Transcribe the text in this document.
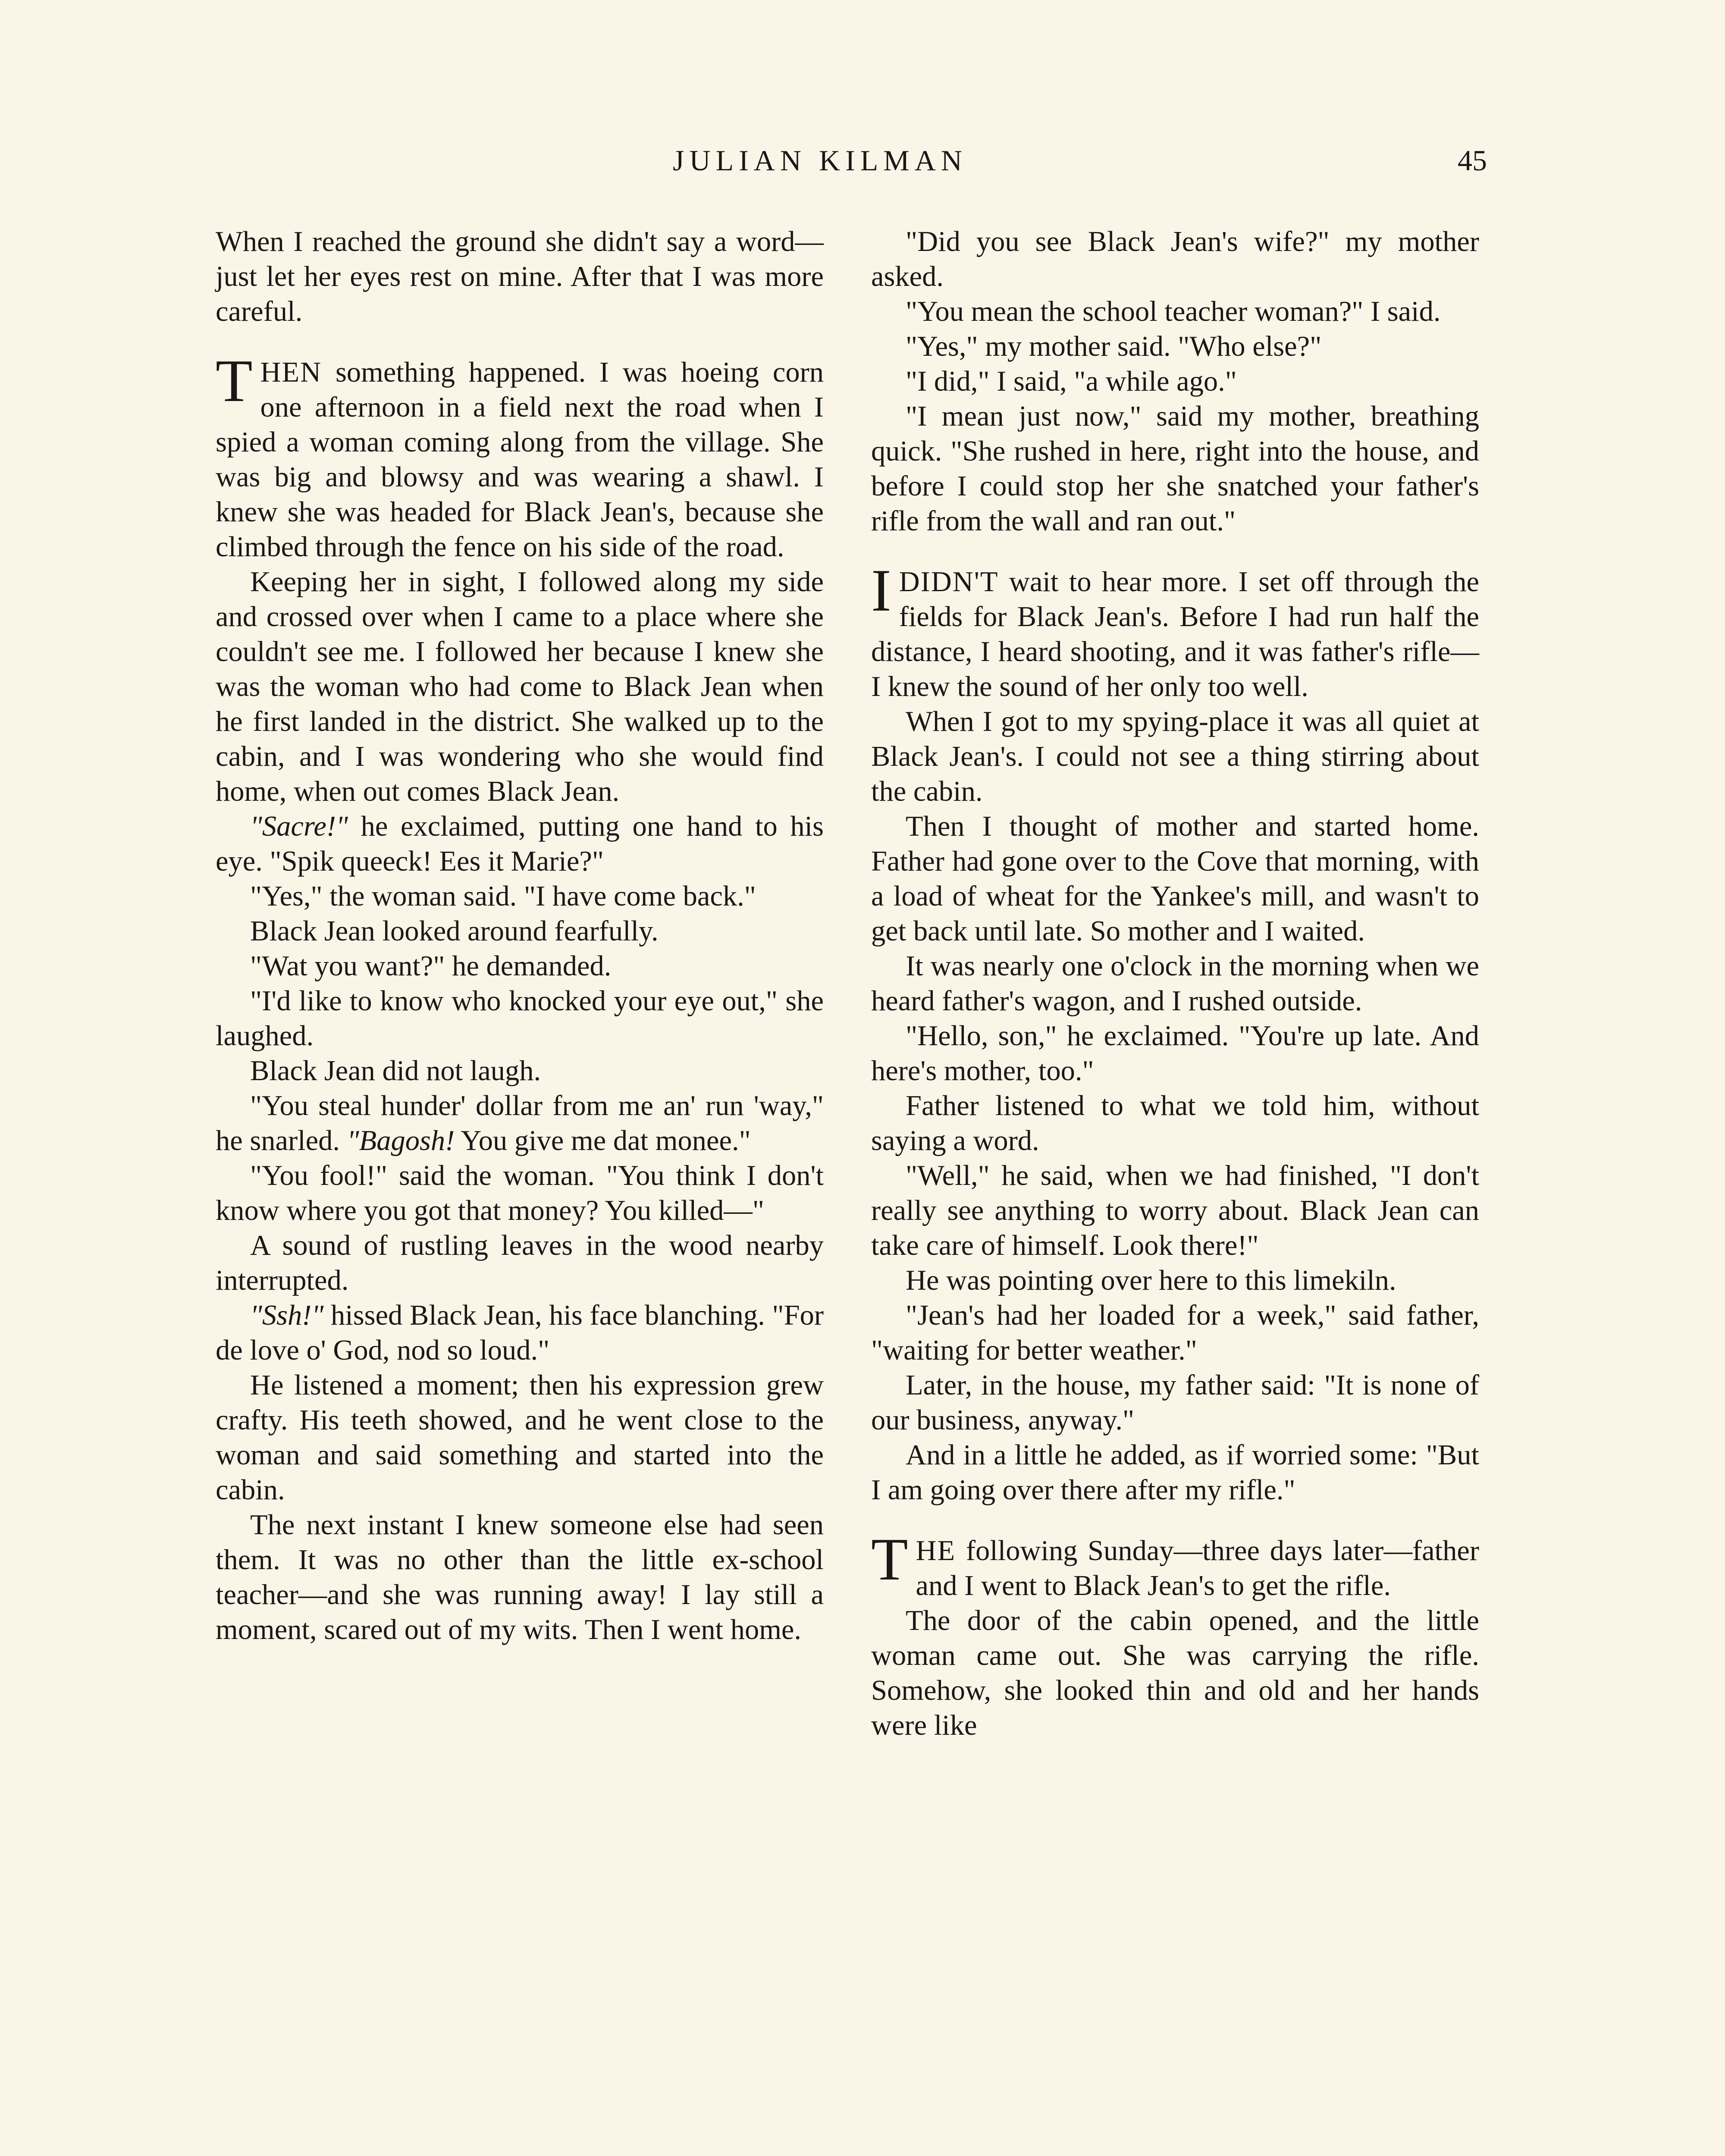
JULIAN KILMAN	45

When I reached the ground she didn't say a word—just let her eyes rest on mine. After that I was more careful.

THEN something happened. I was hoeing corn one afternoon in a field next the road when I spied a woman coming along from the village. She was big and blowsy and was wearing a shawl. I knew she was headed for Black Jean's, because she climbed through the fence on his side of the road.

Keeping her in sight, I followed along my side and crossed over when I came to a place where she couldn't see me. I followed her because I knew she was the woman who had come to Black Jean when he first landed in the district. She walked up to the cabin, and I was wondering who she would find home, when out comes Black Jean.

"Sacre!" he exclaimed, putting one hand to his eye. "Spik queeck! Ees it Marie?"

"Yes," the woman said. "I have come back."

Black Jean looked around fearfully.

"Wat you want?" he demanded.

"I'd like to know who knocked your eye out," she laughed.

Black Jean did not laugh.

"You steal hunder' dollar from me an' run 'way," he snarled. "Bagosh! You give me dat monee."

"You fool!" said the woman. "You think I don't know where you got that money? You killed—"

A sound of rustling leaves in the wood nearby interrupted.

"Ssh!" hissed Black Jean, his face blanching. "For de love o' God, nod so loud."

He listened a moment; then his expression grew crafty. His teeth showed, and he went close to the woman and said something and started into the cabin.

The next instant I knew someone else had seen them. It was no other than the little ex-school teacher—and she was running away! I lay still a moment, scared out of my wits. Then I went home.

"Did you see Black Jean's wife?" my mother asked.

"You mean the school teacher woman?" I said.

"Yes," my mother said. "Who else?"

"I did," I said, "a while ago."

"I mean just now," said my mother, breathing quick. "She rushed in here, right into the house, and before I could stop her she snatched your father's rifle from the wall and ran out."

IDIDN'T wait to hear more. I set off through the fields for Black Jean's. Before I had run half the distance, I heard shooting, and it was father's rifle—I knew the sound of her only too well.

When I got to my spying-place it was all quiet at Black Jean's. I could not see a thing stirring about the cabin.

Then I thought of mother and started home. Father had gone over to the Cove that morning, with a load of wheat for the Yankee's mill, and wasn't to get back until late. So mother and I waited.

It was nearly one o'clock in the morning when we heard father's wagon, and I rushed outside.

"Hello, son," he exclaimed. "You're up late. And here's mother, too."

Father listened to what we told him, without saying a word.

"Well," he said, when we had finished, "I don't really see anything to worry about. Black Jean can take care of himself. Look there!"

He was pointing over here to this limekiln.

"Jean's had her loaded for a week," said father, "waiting for better weather."

Later, in the house, my father said: "It is none of our business, anyway."

And in a little he added, as if worried some: "But I am going over there after my rifle."

THE following Sunday—three days later—father and I went to Black Jean's to get the rifle.

The door of the cabin opened, and the little woman came out. She was carrying the rifle. Somehow, she looked thin and old and her hands were like
